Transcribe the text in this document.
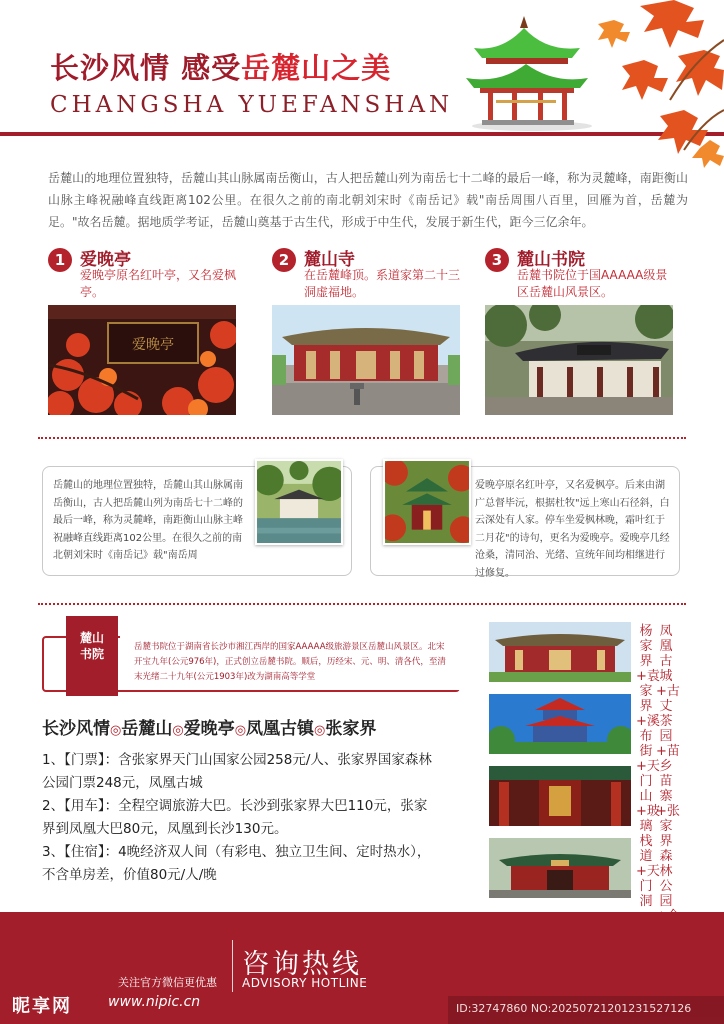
长沙风情 感受岳麓山之美
CHANGSHA YUEFANSHAN

岳麓山的地理位置独特，岳麓山其山脉属南岳衡山，古人把岳麓山列为南岳七十二峰的最后一峰，称为灵麓峰，南距衡山山脉主峰祝融峰直线距离102公里。在很久之前的南北朝刘宋时《南岳记》载"南岳周围八百里，回雁为首，岳麓为足。"故名岳麓。据地质学考证，岳麓山奠基于古生代，形成于中生代，发展于新生代，距今三亿余年。

1 爱晚亭
爱晚亭原名红叶亭，又名爱枫亭。
爱晚亭
2 麓山寺
在岳麓峰顶。系道家第二十三洞虚福地。
3 麓山书院
岳麓书院位于国AAAAA级景区岳麓山风景区。

岳麓山的地理位置独特，岳麓山其山脉属南岳衡山，古人把岳麓山列为南岳七十二峰的最后一峰，称为灵麓峰，南距衡山山脉主峰祝融峰直线距离102公里。在很久之前的南北朝刘宋时《南岳记》载"南岳周

爱晚亭原名红叶亭，又名爱枫亭。后来由湖广总督毕沅，根据杜牧"远上寒山石径斜，白云深处有人家。停车坐爱枫林晚，霜叶红于二月花"的诗句，更名为爱晚亭。爱晚亭几经沧桑，清同治、光绪、宣统年间均相继进行过修复。

麓山书院	岳麓书院位于湖南省长沙市湘江西岸的国家AAAAA级旅游景区岳麓山风景区。北宋开宝九年(公元976年)，正式创立岳麓书院。顺后，历经宋、元、明、清各代，至清末光绪二十九年(公元1903年)改为湖南高等学堂

长沙风情◎岳麓山◎爱晚亭◎凤凰古镇◎张家界

1、【门票】：含张家界天门山国家公园258元/人、张家界国家森林公园门票248元，凤凰古城

2、【用车】：全程空调旅游大巴。长沙到张家界大巴110元，张家界到凤凰大巴80元，凤凰到长沙130元。

3、【住宿】：4晚经济双人间（有彩电、独立卫生间、定时热水），不含单房差，价值80元/人/晚

杨家界+袁家界+溪布街+天门山+玻璃栈道+天门洞
凤凰古城+古丈茶园+苗乡苗寨+张家界森林公园
咨询热线
ADVISORY HOTLINE
关注官方微信更优惠
昵享网	www.nipic.cn	ID:32747860 NO:20250721201231527126
